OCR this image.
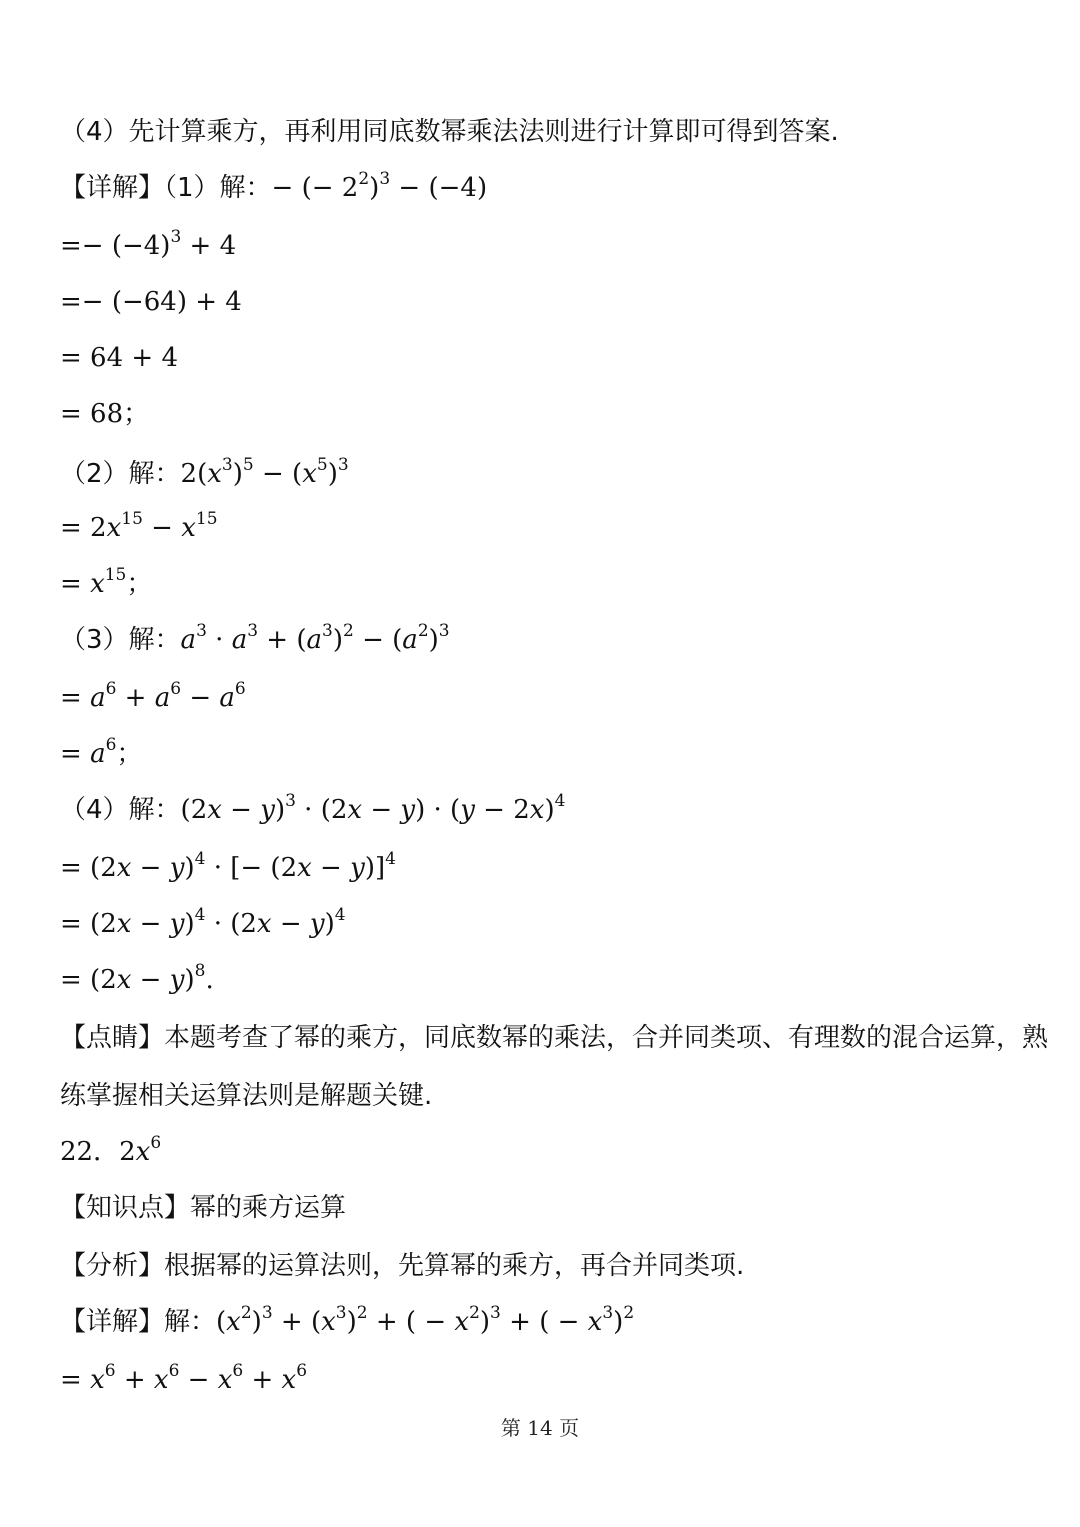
（4）先计算乘方，再利用同底数幂乘法法则进行计算即可得到答案.
【详解】（1）解：− (− $2^2)^3 - (-4)$
=− $(-4)^3 + 4$
=− (−64) + 4
= 64 + 4
= 68；
（2）解：$2(x^3)^5 - (x^5)^3$
= $2x^{15} - x^{15}$
= $x^{15}$；
（3）解：$a^3 \cdot a^3 + (a^3)^2 - (a^2)^3$
= $a^6 + a^6 - a^6$
= $a^6$；
（4）解：$(2x - y)^3 \cdot (2x - y) \cdot (y - 2x)^4$
= $(2x - y)^4$ · [− (2x − y)]$^4$
= $(2x - y)^4 \cdot (2x - y)^4$
= $(2x - y)^8$.
【点睛】本题考查了幂的乘方，同底数幂的乘法，合并同类项、有理数的混合运算，熟
练掌握相关运算法则是解题关键.
22．$2x^6$
【知识点】幂的乘方运算
【分析】根据幂的运算法则，先算幂的乘方，再合并同类项.
【详解】解：$(x^2)^3 + (x^3)^2$ + ( − $x^2)^3$ + ( − $x^3)^2$
= $x^6 + x^6 - x^6 + x^6$
第 14 页
